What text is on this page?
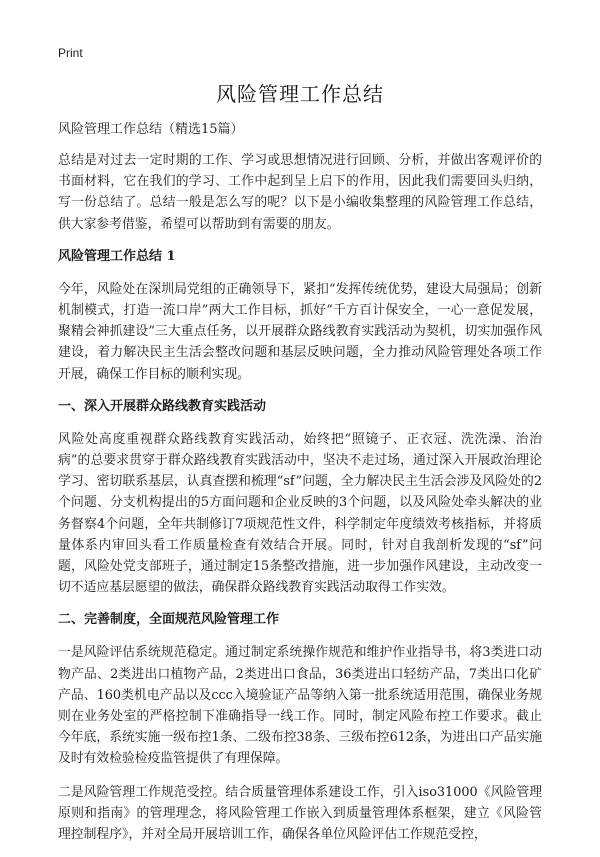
Print
风险管理工作总结

风险管理工作总结（精选15篇）

总结是对过去一定时期的工作、学习或思想情况进行回顾、分析，并做出客观评价的书面材料，它在我们的学习、工作中起到呈上启下的作用，因此我们需要回头归纳，写一份总结了。总结一般是怎么写的呢？以下是小编收集整理的风险管理工作总结，供大家参考借鉴，希望可以帮助到有需要的朋友。

风险管理工作总结 1

今年，风险处在深圳局党组的正确领导下，紧扣“发挥传统优势，建设大局强局；创新机制模式，打造一流口岸”两大工作目标，抓好“千方百计保安全，一心一意促发展，聚精会神抓建设”三大重点任务，以开展群众路线教育实践活动为契机，切实加强作风建设，着力解决民主生活会整改问题和基层反映问题，全力推动风险管理处各项工作开展，确保工作目标的顺利实现。

一、深入开展群众路线教育实践活动

风险处高度重视群众路线教育实践活动，始终把“照镜子、正衣冠、洗洗澡、治治病”的总要求贯穿于群众路线教育实践活动中，坚决不走过场，通过深入开展政治理论学习、密切联系基层，认真查摆和梳理“sf”问题，全力解决民主生活会涉及风险处的2个问题、分支机构提出的5方面问题和企业反映的3个问题，以及风险处牵头解决的业务督察4个问题，全年共制修订7项规范性文件，科学制定年度绩效考核指标，并将质量体系内审回头看工作质量检查有效结合开展。同时，针对自我剖析发现的“sf”问题，风险处党支部班子，通过制定15条整改措施，进一步加强作风建设，主动改变一切不适应基层愿望的做法，确保群众路线教育实践活动取得工作实效。

二、完善制度，全面规范风险管理工作

一是风险评估系统规范稳定。通过制定系统操作规范和维护作业指导书，将3类进口动物产品、2类进出口植物产品，2类进出口食品，36类进出口轻纺产品，7类出口化矿产品、160类机电产品以及ccc入境验证产品等纳入第一批系统适用范围，确保业务规则在业务处室的严格控制下准确指导一线工作。同时，制定风险布控工作要求。截止今年底，系统实施一级布控1条、二级布控38条、三级布控612条，为进出口产品实施及时有效检验检疫监管提供了有理保障。

二是风险管理工作规范受控。结合质量管理体系建设工作，引入iso31000《风险管理原则和指南》的管理理念，将风险管理工作嵌入到质量管理体系框架，建立《风险管理控制程序》，并对全局开展培训工作，确保各单位风险评估工作规范受控，
